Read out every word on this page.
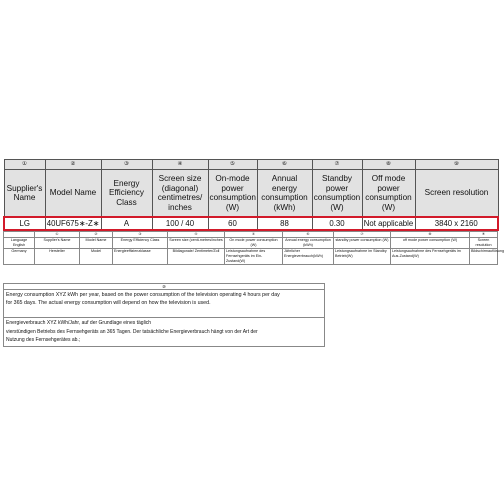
①	②	③	④	⑤	⑥	⑦	⑧	⑨
Supplier's Name	Model Name	Energy Efficiency Class	Screen size (diagonal) centimetres/ inches	On-mode power consumption (W)	Annual energy consumption (kWh)	Standby power consumption (W)	Off mode power consumption (W)	Screen resolution
LG	40UF675∗-Z∗	A	100 / 40	60	88	0.30	Not applicable	3840 x 2160
	①	②	③	④	⑤	⑥	⑦	⑧	⑨

Language
English	Supplier's Name	Model Name	Energy Efficiency Class	Screen size (centi-metres/inches	On mode power consumption (W)	Annual energy consumption (kWh)	standby power consumption (W)	off mode power consumption (W)	Screen resolution
Germany	Hersteller	Model	Energieeffizienzklasse	Bildiagonale/ Zentimeter/Zoll	Leistungsaufnahme des Fernsehgeräts im Ein-Zustand(W)	Jährlicher Energieverbrauch(kWh)	Leistungsaufnahme im Standby Betrieb(W)	Leistungsaufnahme des Fernsehgeräts im Aus-Zustand(W)	Bildschirmauflösung
⑩

Energy consumption XYZ kWh per year, based on the power consumption of the television operating 4 hours per day
for 365 days. The actual energy consumption will depend on how the television is used.

Energieverbrauch XYZ kWh/Jahr, auf der Grundlage eines täglich
vierstündigen Betriebs des Fernsehgeräts an 365 Tagen. Der tatsächliche Energieverbrauch hängt von der Art der
Nutzung des Fernsehgerätes ab.;
